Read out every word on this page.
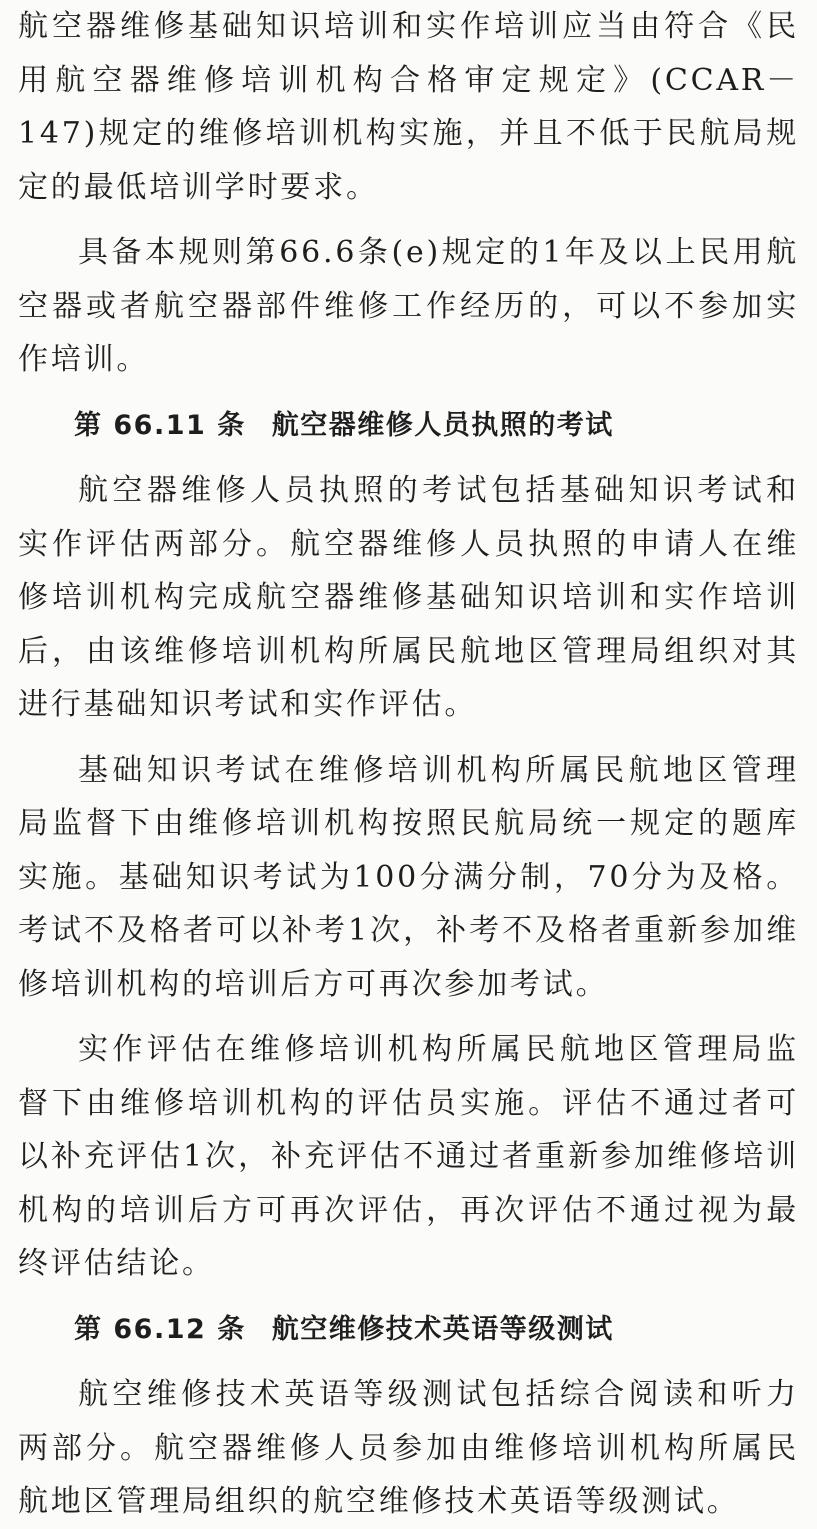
航空器维修基础知识培训和实作培训应当由符合《民用航空器维修培训机构合格审定规定》(CCAR－147)规定的维修培训机构实施，并且不低于民航局规定的最低培训学时要求。

具备本规则第66.6条(e)规定的1年及以上民用航空器或者航空器部件维修工作经历的，可以不参加实作培训。

第 66.11 条 航空器维修人员执照的考试

航空器维修人员执照的考试包括基础知识考试和实作评估两部分。航空器维修人员执照的申请人在维修培训机构完成航空器维修基础知识培训和实作培训后，由该维修培训机构所属民航地区管理局组织对其进行基础知识考试和实作评估。

基础知识考试在维修培训机构所属民航地区管理局监督下由维修培训机构按照民航局统一规定的题库实施。基础知识考试为100分满分制，70分为及格。考试不及格者可以补考1次，补考不及格者重新参加维修培训机构的培训后方可再次参加考试。

实作评估在维修培训机构所属民航地区管理局监督下由维修培训机构的评估员实施。评估不通过者可以补充评估1次，补充评估不通过者重新参加维修培训机构的培训后方可再次评估，再次评估不通过视为最终评估结论。

第 66.12 条 航空维修技术英语等级测试

航空维修技术英语等级测试包括综合阅读和听力两部分。航空器维修人员参加由维修培训机构所属民航地区管理局组织的航空维修技术英语等级测试。
